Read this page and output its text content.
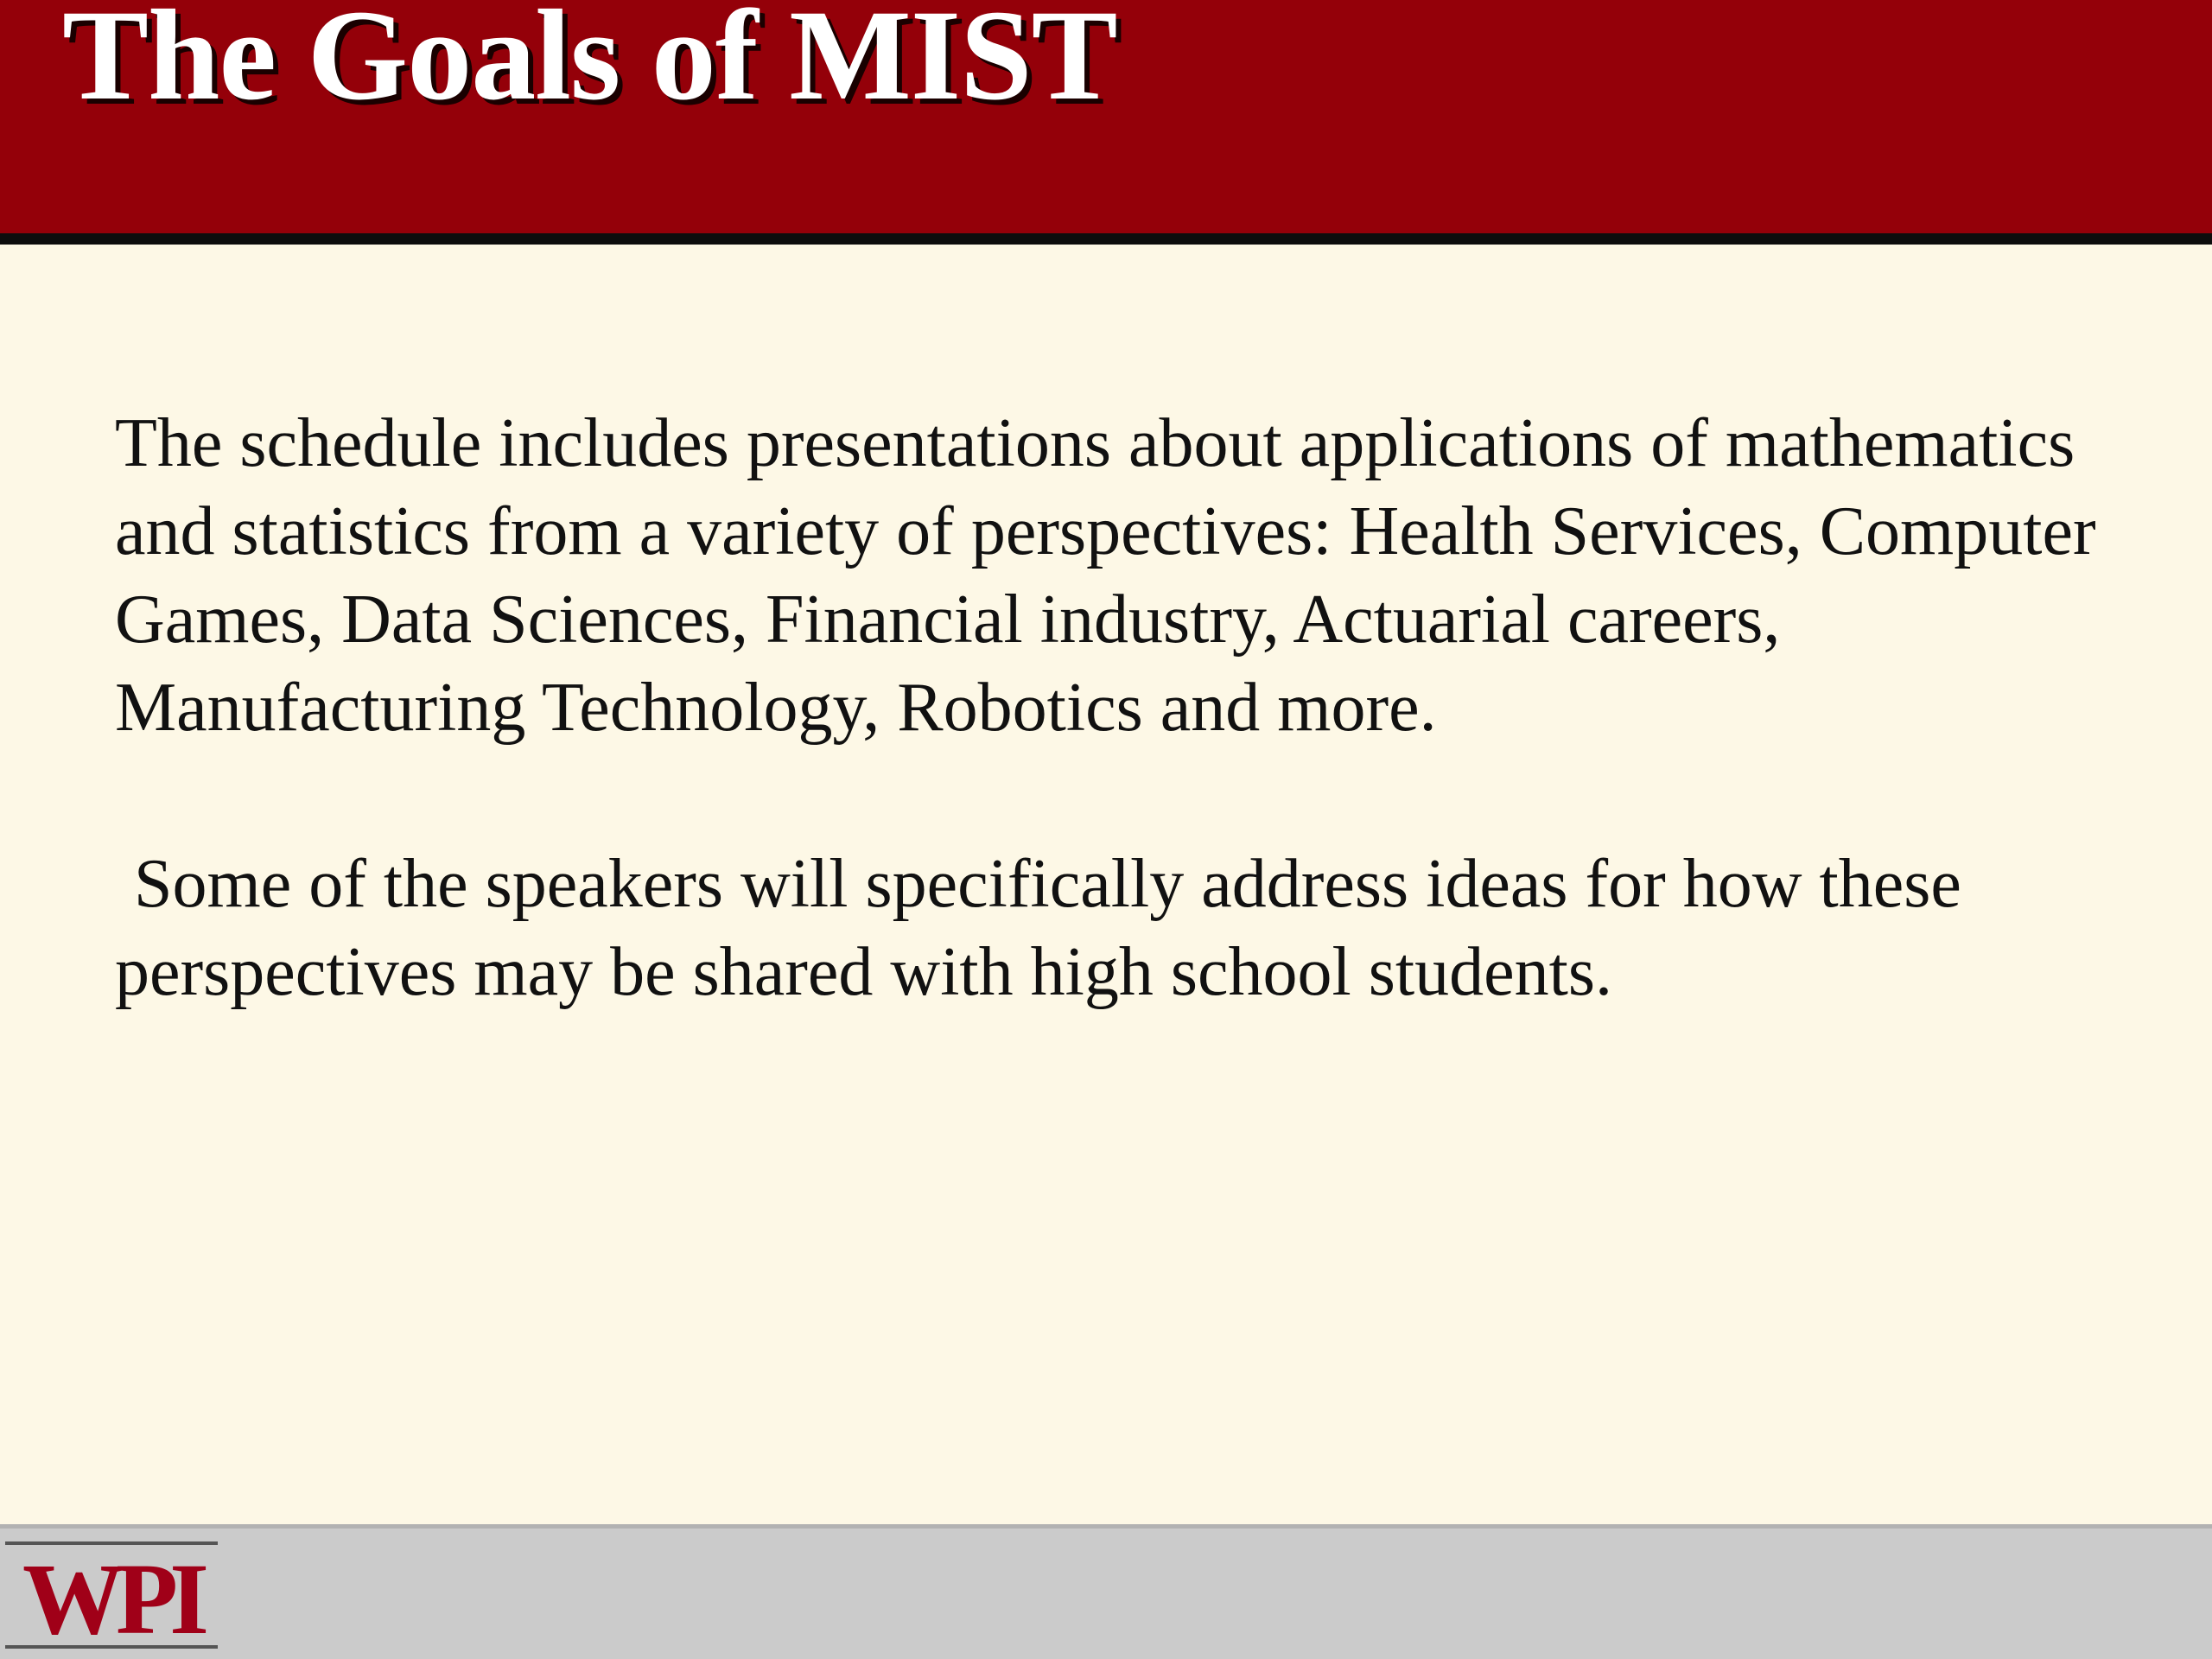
The Goals of MIST

The schedule includes presentations about applications of mathematics and statistics from a variety of perspectives: Health Services, Computer Games, Data Sciences, Financial industry, Actuarial careers, Manufacturing Technology, Robotics and more.

Some of the speakers will specifically address ideas for how these perspectives may be shared with high school students.

WPI
